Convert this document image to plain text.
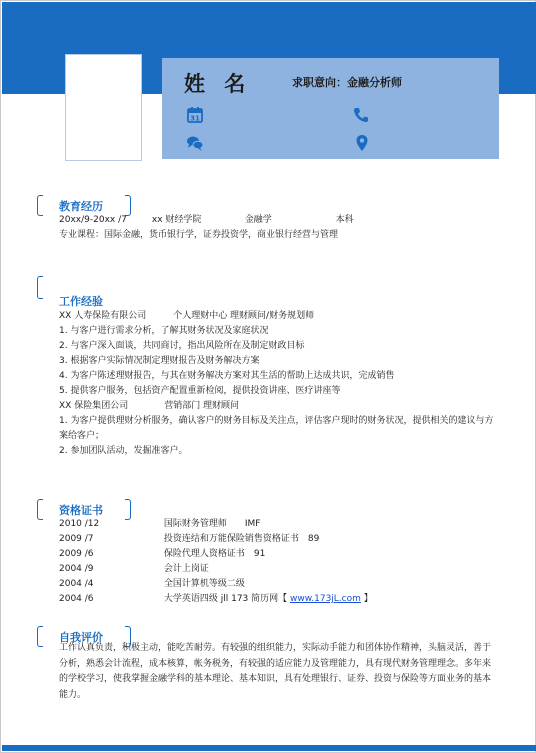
姓 名	求职意向：金融分析师
31
教育经历
20xx/9-20xx /7	xx 财经学院	金融学	本科
专业课程：国际金融，货币银行学，证券投资学，商业银行经营与管理
工作经验
XX 人寿保险有限公司　　　个人理财中心 理财顾问/财务规划师
1. 与客户进行需求分析，了解其财务状况及家庭状况
2. 与客户深入面谈，共同商讨，指出风险所在及制定财政目标
3. 根据客户实际情况制定理财报告及财务解决方案
4. 为客户陈述理财报告，与其在财务解决方案对其生活的帮助上达成共识，完成销售
5. 提供客户服务，包括资产配置重新检阅，提供投资讲座、医疗讲座等
XX 保险集团公司　　　　营销部门 理财顾问
1. 为客户提供理财分析服务，确认客户的财务目标及关注点，评估客户现时的财务状况，提供相关的建议与方案给客户；
2. 参加团队活动，发掘准客户。
资格证书
2010 /12	国际财务管理师　　IMF
2009 /7	投资连结和万能保险销售资格证书　89
2009 /6	保险代理人资格证书　91
2004 /9	会计上岗证
2004 /4	全国计算机等级二级
2004 /6	大学英语四级 jll 173 简历网【 www.173jL.com 】
自我评价
工作认真负责，积极主动，能吃苦耐劳。有较强的组织能力，实际动手能力和团体协作精神，头脑灵活，善于分析，熟悉会计流程，成本核算，帐务税务，有较强的适应能力及管理能力，具有现代财务管理理念。多年来的学校学习，使我掌握金融学科的基本理论、基本知识，具有处理银行、证券、投资与保险等方面业务的基本能力。
